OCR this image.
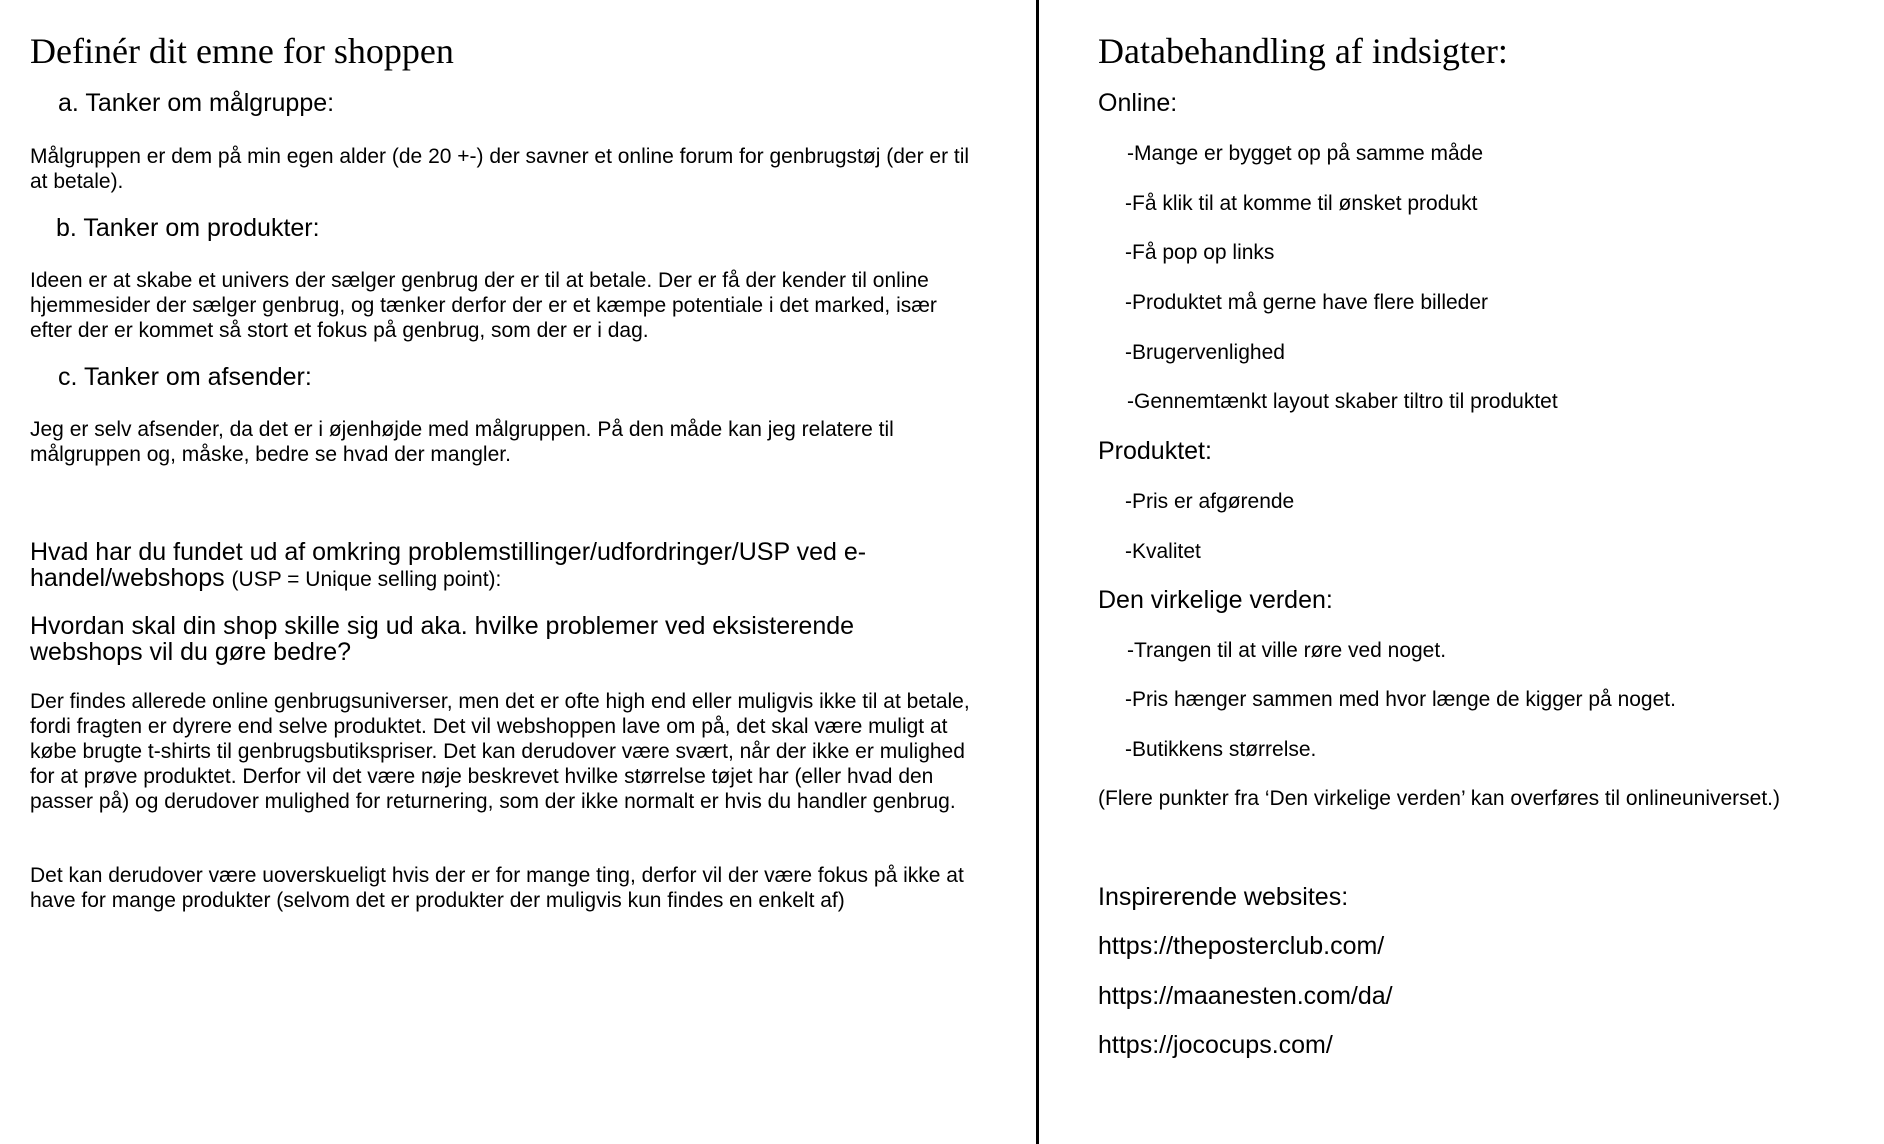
Definér dit emne for shoppen

a. Tanker om målgruppe:

Målgruppen er dem på min egen alder (de 20 +-) der savner et online forum for genbrugstøj (der er til at betale).

b. Tanker om produkter:

Ideen er at skabe et univers der sælger genbrug der er til at betale. Der er få der kender til online hjemmesider der sælger genbrug, og tænker derfor der er et kæmpe potentiale i det marked, især efter der er kommet så stort et fokus på genbrug, som der er i dag.

c. Tanker om afsender:

Jeg er selv afsender, da det er i øjenhøjde med målgruppen. På den måde kan jeg relatere til målgruppen og, måske, bedre se hvad der mangler.

Hvad har du fundet ud af omkring problemstillinger/udfordringer/USP ved e-handel/webshops (USP = Unique selling point):

Hvordan skal din shop skille sig ud aka. hvilke problemer ved eksisterende webshops vil du gøre bedre?

Der findes allerede online genbrugsuniverser, men det er ofte high end eller muligvis ikke til at betale, fordi fragten er dyrere end selve produktet. Det vil webshoppen lave om på, det skal være muligt at købe brugte t-shirts til genbrugsbutikspriser. Det kan derudover være svært, når der ikke er mulighed for at prøve produktet. Derfor vil det være nøje beskrevet hvilke størrelse tøjet har (eller hvad den passer på) og derudover mulighed for returnering, som der ikke normalt er hvis du handler genbrug.

Det kan derudover være uoverskueligt hvis der er for mange ting, derfor vil der være fokus på ikke at have for mange produkter (selvom det er produkter der muligvis kun findes en enkelt af)

Databehandling af indsigter:

Online:

-Mange er bygget op på samme måde

-Få klik til at komme til ønsket produkt

-Få pop op links

-Produktet må gerne have flere billeder

-Brugervenlighed

-Gennemtænkt layout skaber tiltro til produktet

Produktet:

-Pris er afgørende

-Kvalitet

Den virkelige verden:

-Trangen til at ville røre ved noget.

-Pris hænger sammen med hvor længe de kigger på noget.

-Butikkens størrelse.

(Flere punkter fra ‘Den virkelige verden’ kan overføres til onlineuniverset.)

Inspirerende websites:

https://theposterclub.com/
https://maanesten.com/da/
https://jococups.com/
